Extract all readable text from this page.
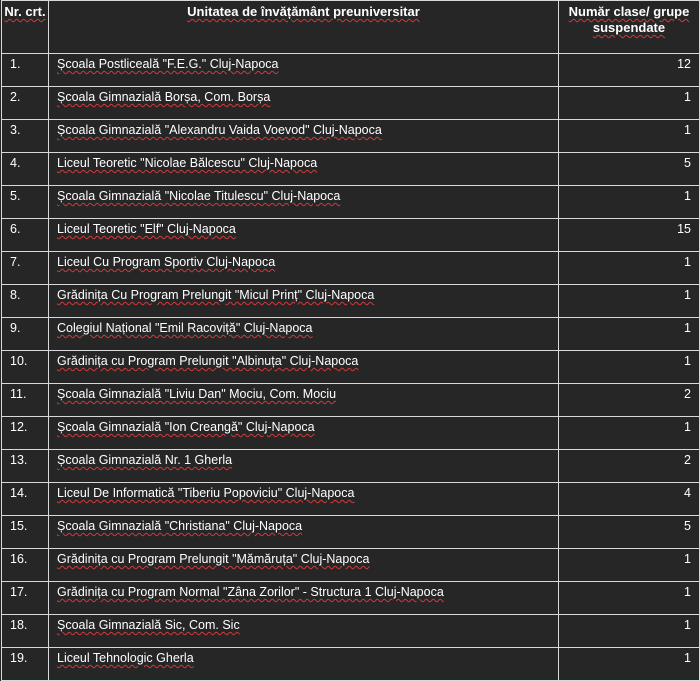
Nr. crt.	Unitatea de învățământ preuniversitar	Număr clase/ grupe suspendate
1.	Școala Postliceală "F.E.G." Cluj-Napoca	12
2.	Școala Gimnazială Borșa, Com. Borșa	1
3.	Școala Gimnazială "Alexandru Vaida Voevod" Cluj-Napoca	1
4.	Liceul Teoretic "Nicolae Bălcescu" Cluj-Napoca	5
5.	Școala Gimnazială "Nicolae Titulescu" Cluj-Napoca	1
6.	Liceul Teoretic "Elf" Cluj-Napoca	15
7.	Liceul Cu Program Sportiv Cluj-Napoca	1
8.	Grădinița Cu Program Prelungit "Micul Prinț" Cluj-Napoca	1
9.	Colegiul Național "Emil Racoviță" Cluj-Napoca	1
10.	Grădinița cu Program Prelungit "Albinuța" Cluj-Napoca	1
11.	Școala Gimnazială "Liviu Dan" Mociu, Com. Mociu	2
12.	Școala Gimnazială "Ion Creangă" Cluj-Napoca	1
13.	Școala Gimnazială Nr. 1 Gherla	2
14.	Liceul De Informatică "Tiberiu Popoviciu" Cluj-Napoca	4
15.	Școala Gimnazială "Christiana" Cluj-Napoca	5
16.	Grădinița cu Program Prelungit "Mămăruța" Cluj-Napoca	1
17.	Grădinița cu Program Normal "Zâna Zorilor" - Structura 1 Cluj-Napoca	1
18.	Școala Gimnazială Sic, Com. Sic	1
19.	Liceul Tehnologic Gherla	1
